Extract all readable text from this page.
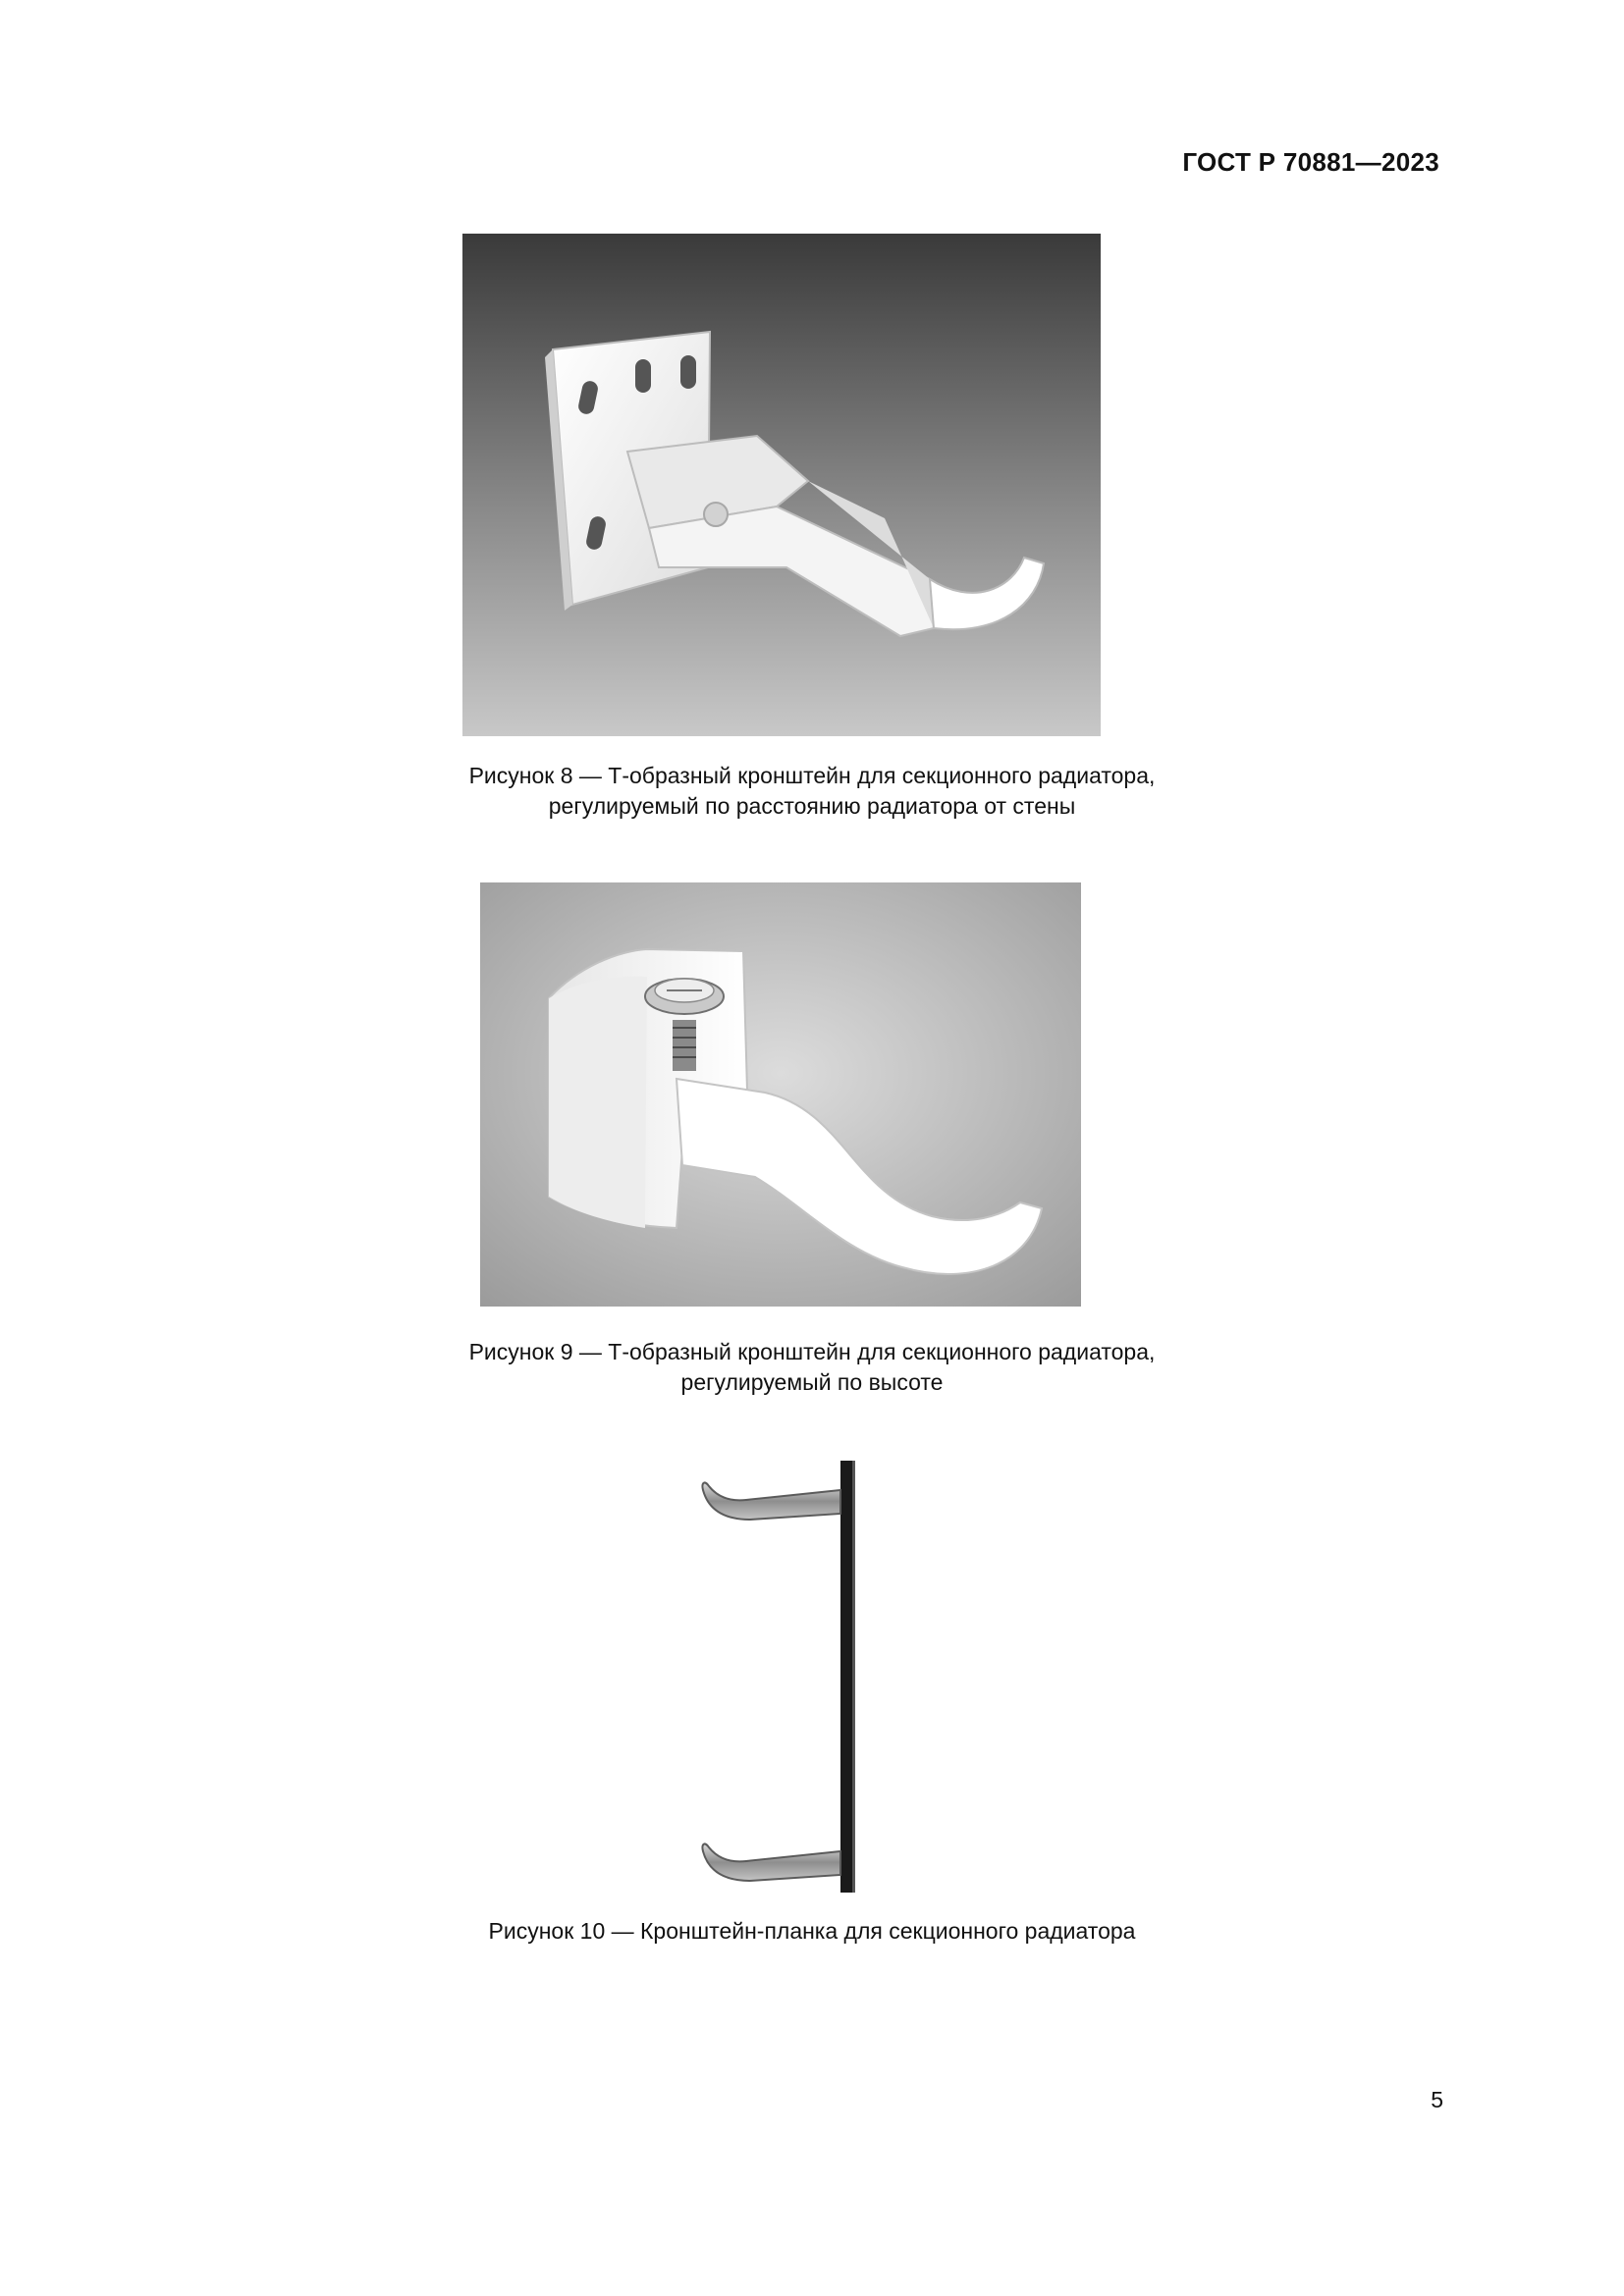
ГОСТ Р 70881—2023
Рисунок 8 — Т-образный кронштейн для секционного радиатора,
регулируемый по расстоянию радиатора от стены
Рисунок 9 — Т-образный кронштейн для секционного радиатора,
регулируемый по высоте
Рисунок 10 — Кронштейн-планка для секционного радиатора
5
